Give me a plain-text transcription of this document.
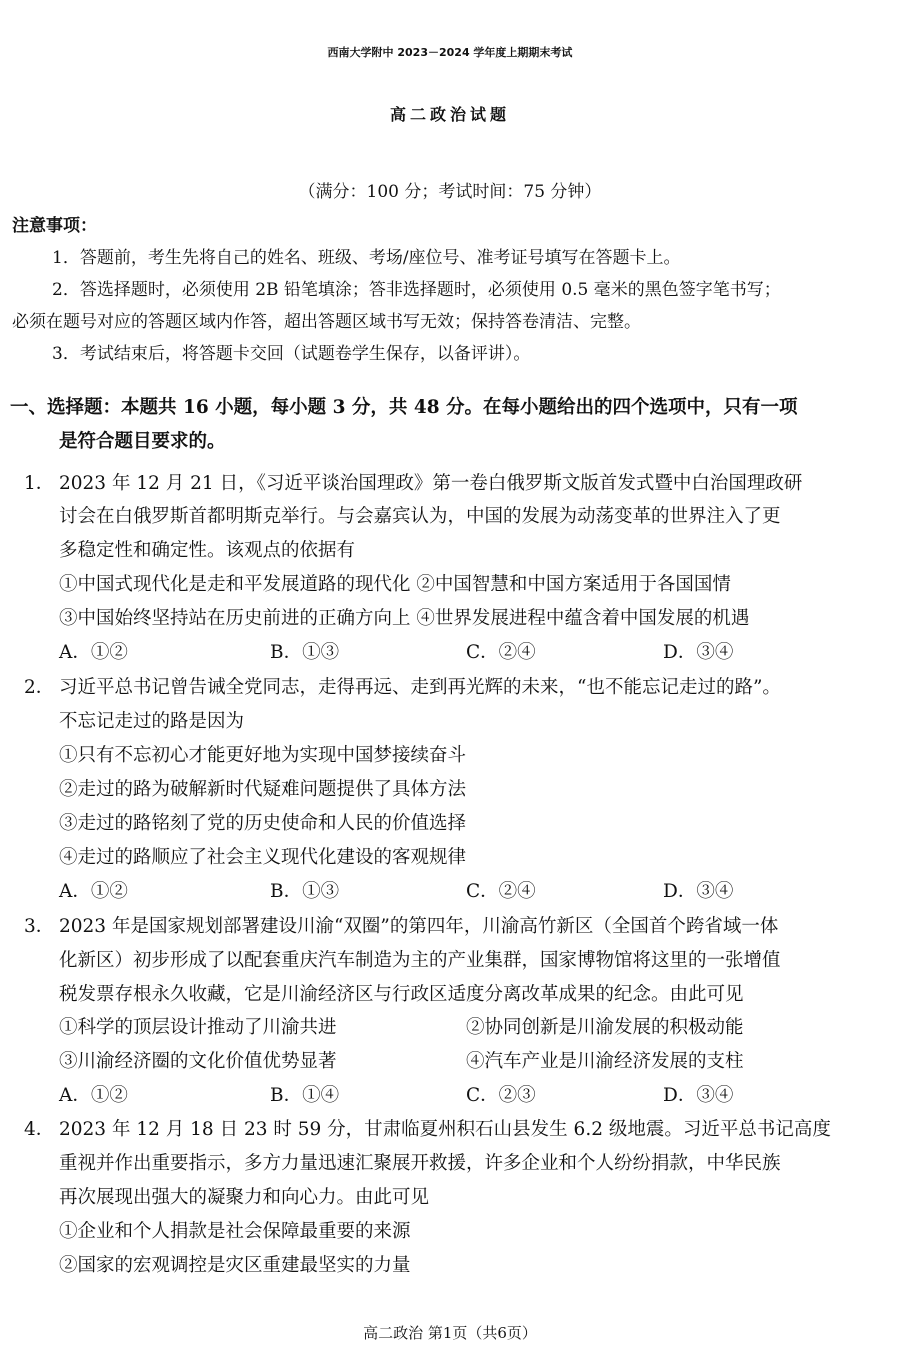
西南大学附中 2023－2024 学年度上期期末考试
高二政治试题
（满分：100 分；考试时间：75 分钟）
注意事项：
1．答题前，考生先将自己的姓名、班级、考场/座位号、准考证号填写在答题卡上。
2．答选择题时，必须使用 2B 铅笔填涂；答非选择题时，必须使用 0.5 毫米的黑色签字笔书写；
必须在题号对应的答题区域内作答，超出答题区域书写无效；保持答卷清洁、完整。
3．考试结束后，将答题卡交回（试题卷学生保存，以备评讲）。
一、选择题：本题共 16 小题，每小题 3 分，共 48 分。在每小题给出的四个选项中，只有一项
是符合题目要求的。
1． 2023 年 12 月 21 日，《习近平谈治国理政》第一卷白俄罗斯文版首发式暨中白治国理政研
讨会在白俄罗斯首都明斯克举行。与会嘉宾认为，中国的发展为动荡变革的世界注入了更
多稳定性和确定性。该观点的依据有
①中国式现代化是走和平发展道路的现代化 ②中国智慧和中国方案适用于各国国情
③中国始终坚持站在历史前进的正确方向上 ④世界发展进程中蕴含着中国发展的机遇
A．①②	B．①③	C．②④	D．③④
2． 习近平总书记曾告诫全党同志，走得再远、走到再光辉的未来，“也不能忘记走过的路”。
不忘记走过的路是因为
①只有不忘初心才能更好地为实现中国梦接续奋斗
②走过的路为破解新时代疑难问题提供了具体方法
③走过的路铭刻了党的历史使命和人民的价值选择
④走过的路顺应了社会主义现代化建设的客观规律
A．①②	B．①③	C．②④	D．③④
3． 2023 年是国家规划部署建设川渝“双圈”的第四年，川渝高竹新区（全国首个跨省域一体
化新区）初步形成了以配套重庆汽车制造为主的产业集群，国家博物馆将这里的一张增值
税发票存根永久收藏，它是川渝经济区与行政区适度分离改革成果的纪念。由此可见
①科学的顶层设计推动了川渝共进	②协同创新是川渝发展的积极动能
③川渝经济圈的文化价值优势显著	④汽车产业是川渝经济发展的支柱
A．①②	B．①④	C．②③	D．③④
4． 2023 年 12 月 18 日 23 时 59 分，甘肃临夏州积石山县发生 6.2 级地震。习近平总书记高度
重视并作出重要指示，多方力量迅速汇聚展开救援，许多企业和个人纷纷捐款，中华民族
再次展现出强大的凝聚力和向心力。由此可见
①企业和个人捐款是社会保障最重要的来源
②国家的宏观调控是灾区重建最坚实的力量
高二政治 第1页（共6页）
